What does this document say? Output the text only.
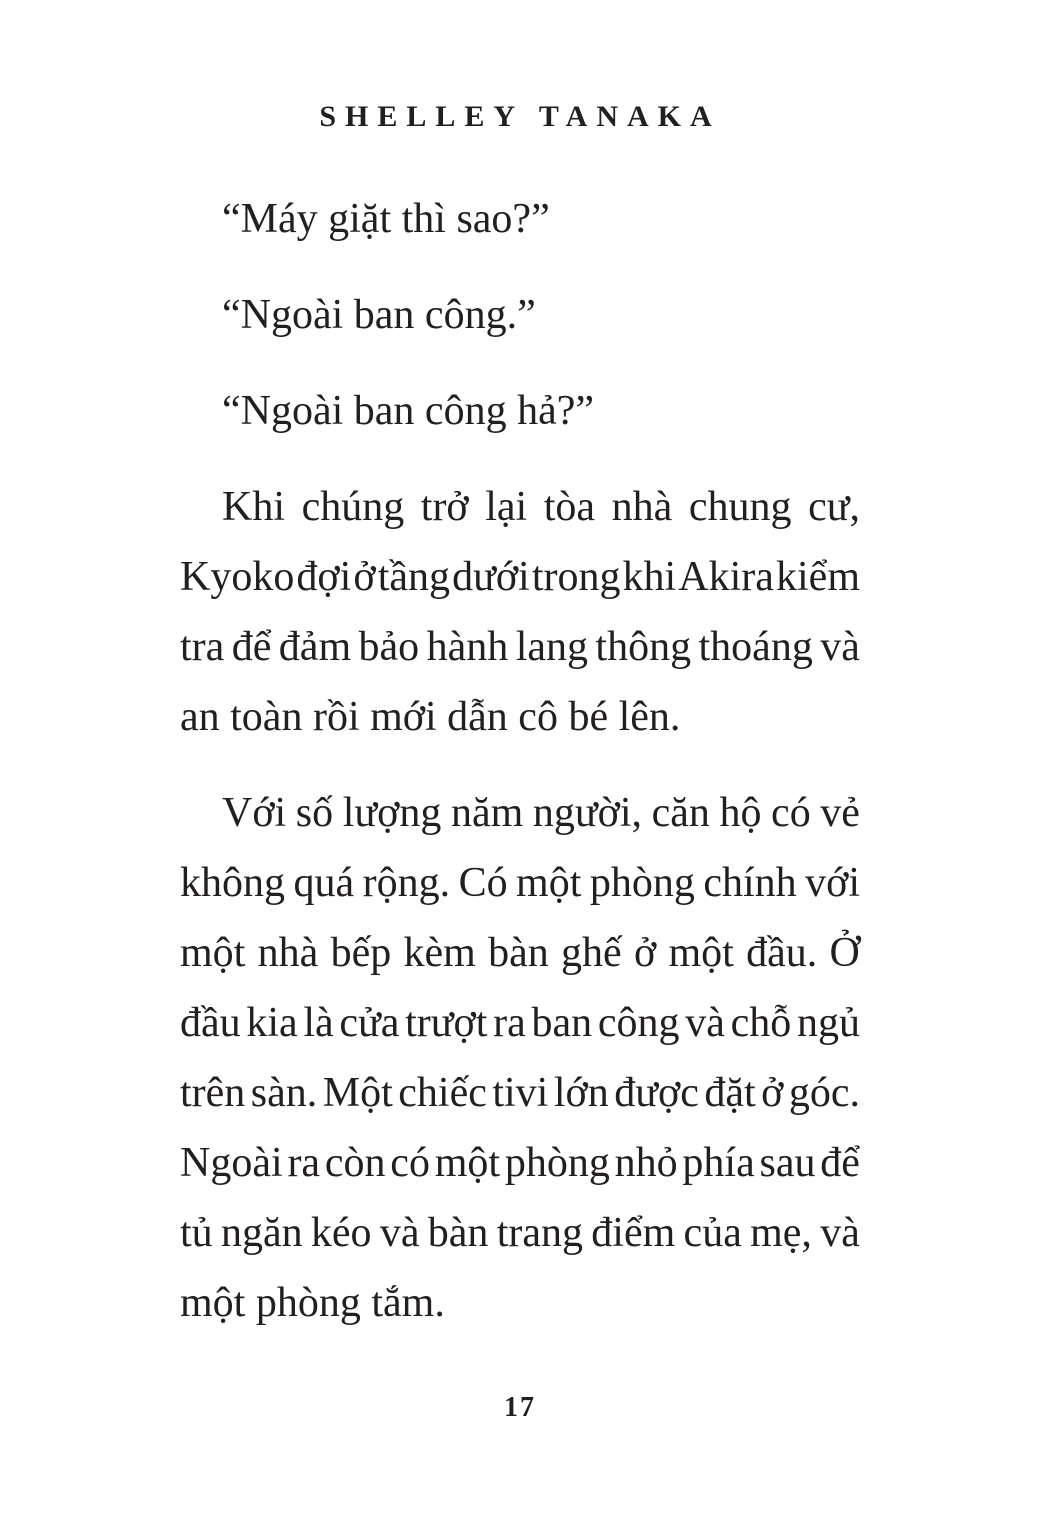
SHELLEY TANAKA
“Máy giặt thì sao?”
“Ngoài ban công.”
“Ngoài ban công hả?”
Khi chúng trở lại tòa nhà chung cư,
Kyoko đợi ở tầng dưới trong khi Akira kiểm
tra để đảm bảo hành lang thông thoáng và
an toàn rồi mới dẫn cô bé lên.
Với số lượng năm người, căn hộ có vẻ
không quá rộng. Có một phòng chính với
một nhà bếp kèm bàn ghế ở một đầu. Ở
đầu kia là cửa trượt ra ban công và chỗ ngủ
trên sàn. Một chiếc tivi lớn được đặt ở góc.
Ngoài ra còn có một phòng nhỏ phía sau để
tủ ngăn kéo và bàn trang điểm của mẹ, và
một phòng tắm.
17
